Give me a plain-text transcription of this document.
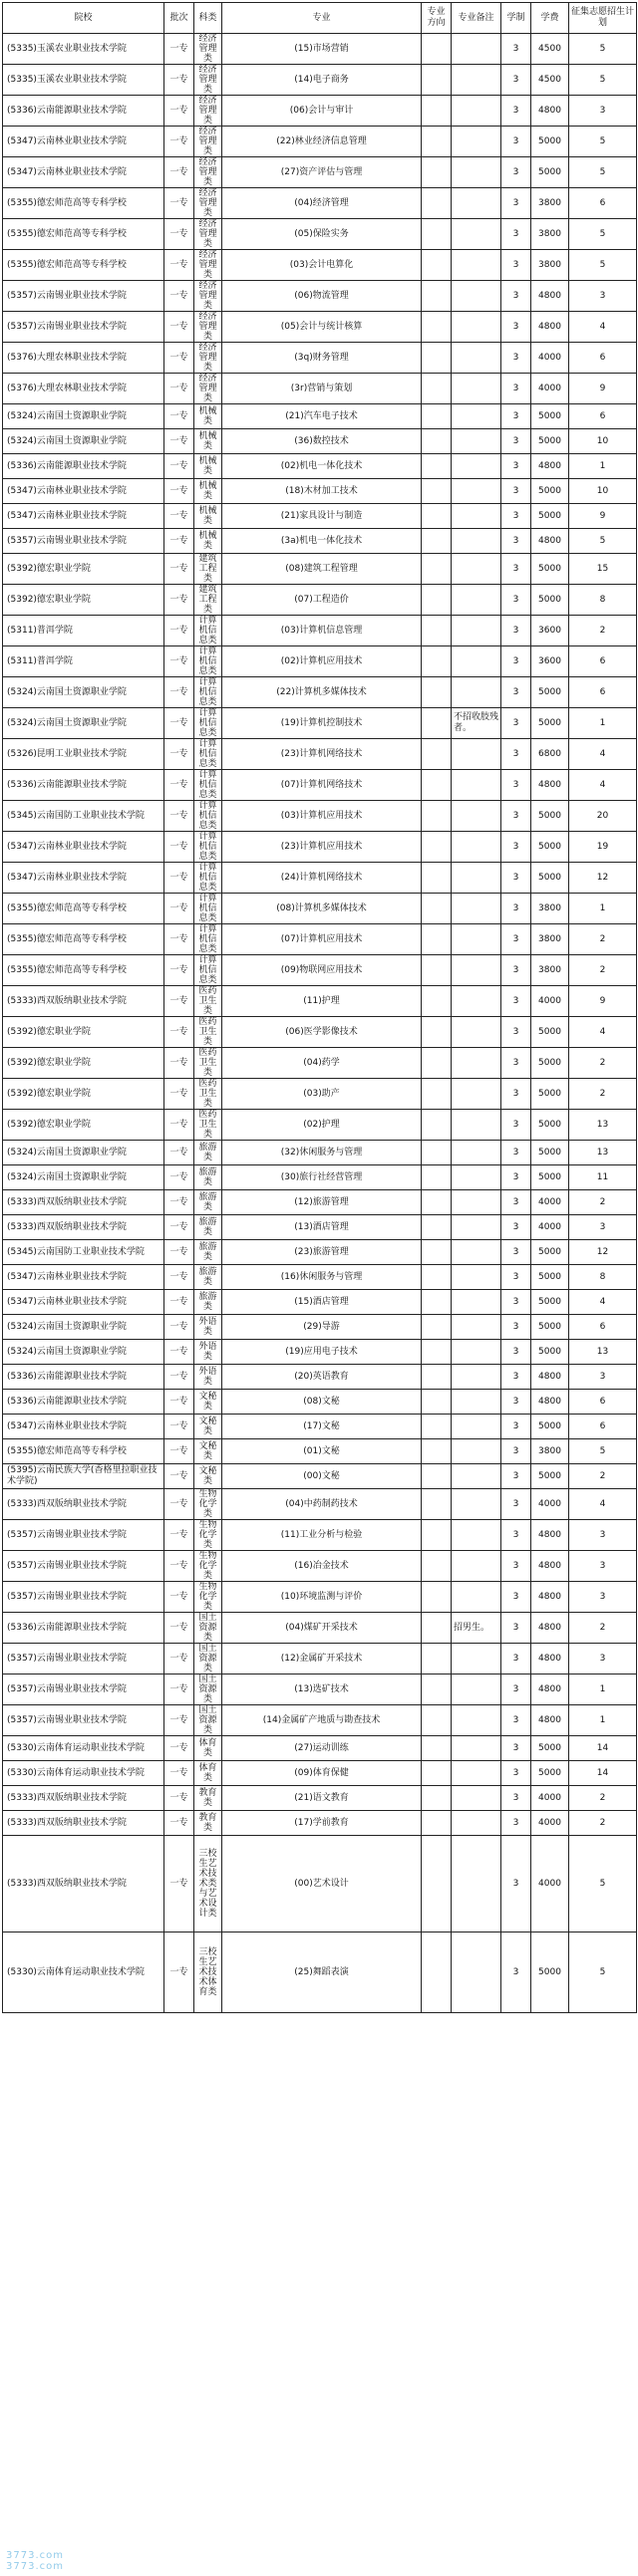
院校	批次	科类	专业	专业方向	专业备注	学制	学费	征集志愿招生计划
(5335)玉溪农业职业技术学院	一专	经济管理类	(15)市场营销			3	4500	5
(5335)玉溪农业职业技术学院	一专	经济管理类	(14)电子商务			3	4500	5
(5336)云南能源职业技术学院	一专	经济管理类	(06)会计与审计			3	4800	3
(5347)云南林业职业技术学院	一专	经济管理类	(22)林业经济信息管理			3	5000	5
(5347)云南林业职业技术学院	一专	经济管理类	(27)资产评估与管理			3	5000	5
(5355)德宏师范高等专科学校	一专	经济管理类	(04)经济管理			3	3800	6
(5355)德宏师范高等专科学校	一专	经济管理类	(05)保险实务			3	3800	5
(5355)德宏师范高等专科学校	一专	经济管理类	(03)会计电算化			3	3800	5
(5357)云南锡业职业技术学院	一专	经济管理类	(06)物流管理			3	4800	3
(5357)云南锡业职业技术学院	一专	经济管理类	(05)会计与统计核算			3	4800	4
(5376)大理农林职业技术学院	一专	经济管理类	(3q)财务管理			3	4000	6
(5376)大理农林职业技术学院	一专	经济管理类	(3r)营销与策划			3	4000	9
(5324)云南国土资源职业学院	一专	机械类	(21)汽车电子技术			3	5000	6
(5324)云南国土资源职业学院	一专	机械类	(36)数控技术			3	5000	10
(5336)云南能源职业技术学院	一专	机械类	(02)机电一体化技术			3	4800	1
(5347)云南林业职业技术学院	一专	机械类	(18)木材加工技术			3	5000	10
(5347)云南林业职业技术学院	一专	机械类	(21)家具设计与制造			3	5000	9
(5357)云南锡业职业技术学院	一专	机械类	(3a)机电一体化技术			3	4800	5
(5392)德宏职业学院	一专	建筑工程类	(08)建筑工程管理			3	5000	15
(5392)德宏职业学院	一专	建筑工程类	(07)工程造价			3	5000	8
(5311)普洱学院	一专	计算机信息类	(03)计算机信息管理			3	3600	2
(5311)普洱学院	一专	计算机信息类	(02)计算机应用技术			3	3600	6
(5324)云南国土资源职业学院	一专	计算机信息类	(22)计算机多媒体技术			3	5000	6
(5324)云南国土资源职业学院	一专	计算机信息类	(19)计算机控制技术		不招收肢残者。	3	5000	1
(5326)昆明工业职业技术学院	一专	计算机信息类	(23)计算机网络技术			3	6800	4
(5336)云南能源职业技术学院	一专	计算机信息类	(07)计算机网络技术			3	4800	4
(5345)云南国防工业职业技术学院	一专	计算机信息类	(03)计算机应用技术			3	5000	20
(5347)云南林业职业技术学院	一专	计算机信息类	(23)计算机应用技术			3	5000	19
(5347)云南林业职业技术学院	一专	计算机信息类	(24)计算机网络技术			3	5000	12
(5355)德宏师范高等专科学校	一专	计算机信息类	(08)计算机多媒体技术			3	3800	1
(5355)德宏师范高等专科学校	一专	计算机信息类	(07)计算机应用技术			3	3800	2
(5355)德宏师范高等专科学校	一专	计算机信息类	(09)物联网应用技术			3	3800	2
(5333)西双版纳职业技术学院	一专	医药卫生类	(11)护理			3	4000	9
(5392)德宏职业学院	一专	医药卫生类	(06)医学影像技术			3	5000	4
(5392)德宏职业学院	一专	医药卫生类	(04)药学			3	5000	2
(5392)德宏职业学院	一专	医药卫生类	(03)助产			3	5000	2
(5392)德宏职业学院	一专	医药卫生类	(02)护理			3	5000	13
(5324)云南国土资源职业学院	一专	旅游类	(32)休闲服务与管理			3	5000	13
(5324)云南国土资源职业学院	一专	旅游类	(30)旅行社经营管理			3	5000	11
(5333)西双版纳职业技术学院	一专	旅游类	(12)旅游管理			3	4000	2
(5333)西双版纳职业技术学院	一专	旅游类	(13)酒店管理			3	4000	3
(5345)云南国防工业职业技术学院	一专	旅游类	(23)旅游管理			3	5000	12
(5347)云南林业职业技术学院	一专	旅游类	(16)休闲服务与管理			3	5000	8
(5347)云南林业职业技术学院	一专	旅游类	(15)酒店管理			3	5000	4
(5324)云南国土资源职业学院	一专	外语类	(29)导游			3	5000	6
(5324)云南国土资源职业学院	一专	外语类	(19)应用电子技术			3	5000	13
(5336)云南能源职业技术学院	一专	外语类	(20)英语教育			3	4800	3
(5336)云南能源职业技术学院	一专	文秘类	(08)文秘			3	4800	6
(5347)云南林业职业技术学院	一专	文秘类	(17)文秘			3	5000	6
(5355)德宏师范高等专科学校	一专	文秘类	(01)文秘			3	3800	5
(5395)云南民族大学(香格里拉职业技术学院)	一专	文秘类	(00)文秘			3	5000	2
(5333)西双版纳职业技术学院	一专	生物化学类	(04)中药制药技术			3	4000	4
(5357)云南锡业职业技术学院	一专	生物化学类	(11)工业分析与检验			3	4800	3
(5357)云南锡业职业技术学院	一专	生物化学类	(16)冶金技术			3	4800	3
(5357)云南锡业职业技术学院	一专	生物化学类	(10)环境监测与评价			3	4800	3
(5336)云南能源职业技术学院	一专	国土资源类	(04)煤矿开采技术		招男生。	3	4800	2
(5357)云南锡业职业技术学院	一专	国土资源类	(12)金属矿开采技术			3	4800	3
(5357)云南锡业职业技术学院	一专	国土资源类	(13)选矿技术			3	4800	1
(5357)云南锡业职业技术学院	一专	国土资源类	(14)金属矿产地质与勘查技术			3	4800	1
(5330)云南体育运动职业技术学院	一专	体育类	(27)运动训练			3	5000	14
(5330)云南体育运动职业技术学院	一专	体育类	(09)体育保健			3	5000	14
(5333)西双版纳职业技术学院	一专	教育类	(21)语文教育			3	4000	2
(5333)西双版纳职业技术学院	一专	教育类	(17)学前教育			3	4000	2
(5333)西双版纳职业技术学院	一专	三校生艺术技术类与艺术设计类	(00)艺术设计			3	4000	5
(5330)云南体育运动职业技术学院	一专	三校生艺术技术体育类	(25)舞蹈表演			3	5000	5
3773.com
3773.com
